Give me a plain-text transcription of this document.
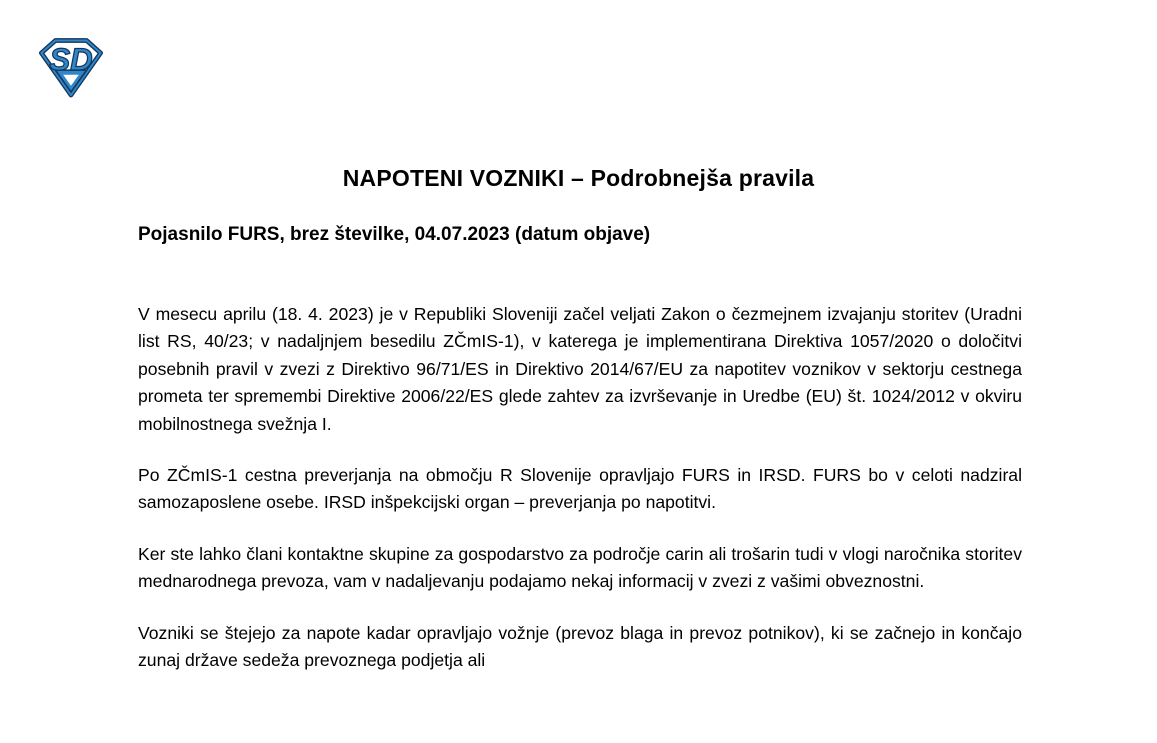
SD
NAPOTENI VOZNIKI – Podrobnejša pravila
Pojasnilo FURS, brez številke, 04.07.2023 (datum objave)

V mesecu aprilu (18. 4. 2023) je v Republiki Sloveniji začel veljati Zakon o čezmejnem izvajanju storitev (Uradni list RS, 40/23; v nadaljnjem besedilu ZČmIS-1), v katerega je implementirana Direktiva 1057/2020 o določitvi posebnih pravil v zvezi z Direktivo 96/71/ES in Direktivo 2014/67/EU za napotitev voznikov v sektorju cestnega prometa ter spremembi Direktive 2006/22/ES glede zahtev za izvrševanje in Uredbe (EU) št. 1024/2012 v okviru mobilnostnega svežnja I.

Po ZČmIS-1 cestna preverjanja na območju R Slovenije opravljajo FURS in IRSD. FURS bo v celoti nadziral samozaposlene osebe. IRSD inšpekcijski organ – preverjanja po napotitvi.

Ker ste lahko člani kontaktne skupine za gospodarstvo za področje carin ali trošarin tudi v vlogi naročnika storitev mednarodnega prevoza, vam v nadaljevanju podajamo nekaj informacij v zvezi z vašimi obveznostni.

Vozniki se štejejo za napote kadar opravljajo vožnje (prevoz blaga in prevoz potnikov), ki se začnejo in končajo zunaj države sedeža prevoznega podjetja ali
